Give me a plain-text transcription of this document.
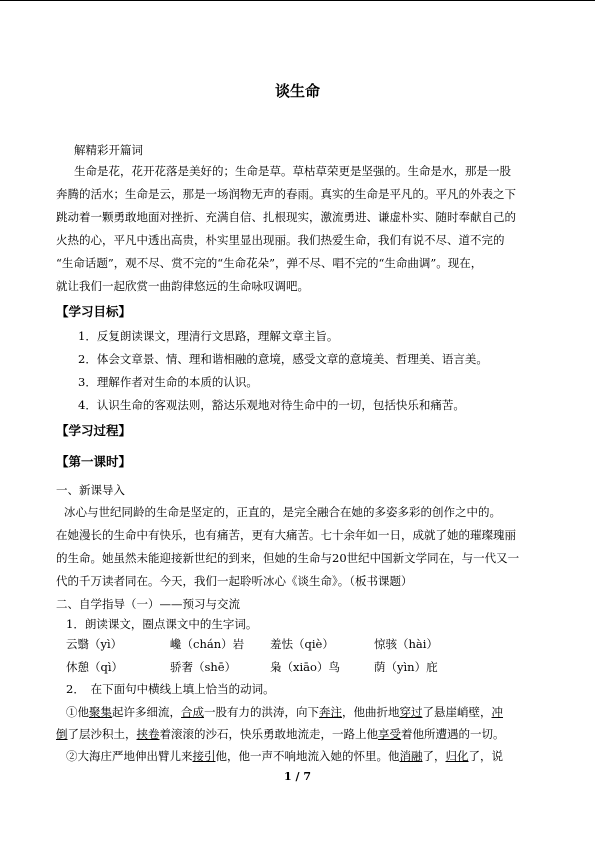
谈生命
解精彩开篇词
生命是花，花开花落是美好的；生命是草。草枯草荣更是坚强的。生命是水，那是一股
奔腾的活水；生命是云，那是一场润物无声的春雨。真实的生命是平凡的。平凡的外表之下
跳动着一颗勇敢地面对挫折、充满自信、扎根现实，激流勇进、谦虚朴实、随时奉献自己的
火热的心，平凡中透出高贵，朴实里显出现丽。我们热爱生命，我们有说不尽、道不完的
“生命话题”，观不尽、赏不完的“生命花朵”，弹不尽、唱不完的“生命曲调”。现在，
就让我们一起欣赏一曲韵律悠远的生命咏叹调吧。
【学习目标】
1．反复朗读课文，理清行文思路，理解文章主旨。
2．体会文章景、情、理和谐相融的意境，感受文章的意境美、哲理美、语言美。
3．理解作者对生命的本质的认识。
4．认识生命的客观法则，豁达乐观地对待生命中的一切，包括快乐和痛苦。
【学习过程】
【第一课时】
一、新课导入
冰心与世纪同龄的生命是坚定的，正直的，是完全融合在她的多姿多彩的创作之中的。
在她漫长的生命中有快乐，也有痛苦，更有大痛苦。七十余年如一日，成就了她的璀璨瑰丽
的生命。她虽然未能迎接新世纪的到来，但她的生命与20世纪中国新文学同在，与一代又一
代的千万读者同在。今天，我们一起聆听冰心《谈生命》。（板书课题）
二、自学指导（一）——预习与交流
1．朗读课文，圈点课文中的生字词。
云翳（yì）	巉（chán）岩 羞怯（qiè）	惊骇（hài）
休憩（qì）	骄奢（shē）	枭（xiāo）鸟	荫（yìn）庇
2．　在下面句中横线上填上恰当的动词。
①他聚集起许多细流，合成一股有力的洪涛，向下奔注，他曲折地穿过了悬崖峭壁，冲
倒了层沙积土，挟卷着滚滚的沙石，快乐勇敢地流走，一路上他享受着他所遭遇的一切。
②大海庄严地伸出臂儿来接引他，他一声不响地流入她的怀里。他消融了，归化了，说
1 / 7
